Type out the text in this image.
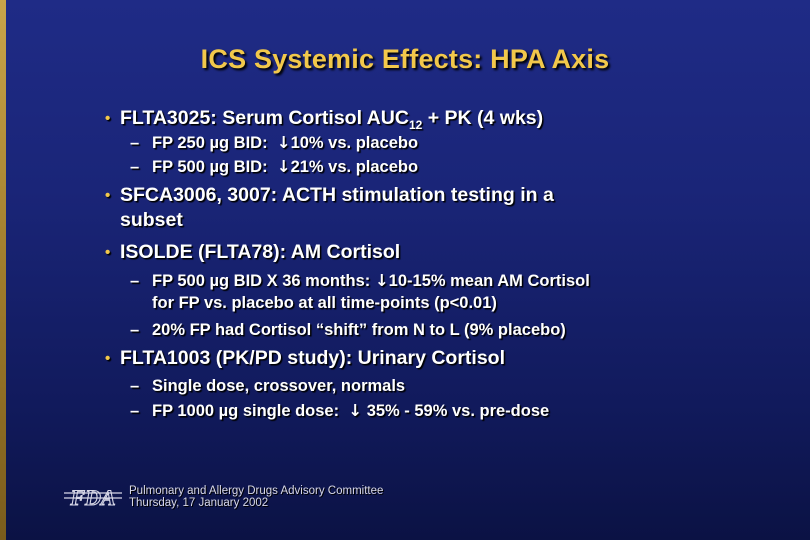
ICS Systemic Effects: HPA Axis
• FLTA3025: Serum Cortisol $AUC_{12}$ + PK (4 wks)
– FP 250 µg BID:  ↓10% vs. placebo
– FP 500 µg BID:  ↓21% vs. placebo
• SFCA3006, 3007: ACTH stimulation testing in a
subset
• ISOLDE (FLTA78): AM Cortisol
– FP 500 µg BID X 36 months: ↓10-15% mean AM Cortisol
for FP vs. placebo at all time-points (p<0.01)
– 20% FP had Cortisol “shift” from N to L (9% placebo)
• FLTA1003 (PK/PD study): Urinary Cortisol
– Single dose, crossover, normals
– FP 1000 µg single dose:  ↓ 35% - 59% vs. pre-dose
FDA Pulmonary and Allergy Drugs Advisory Committee
Thursday, 17 January 2002
